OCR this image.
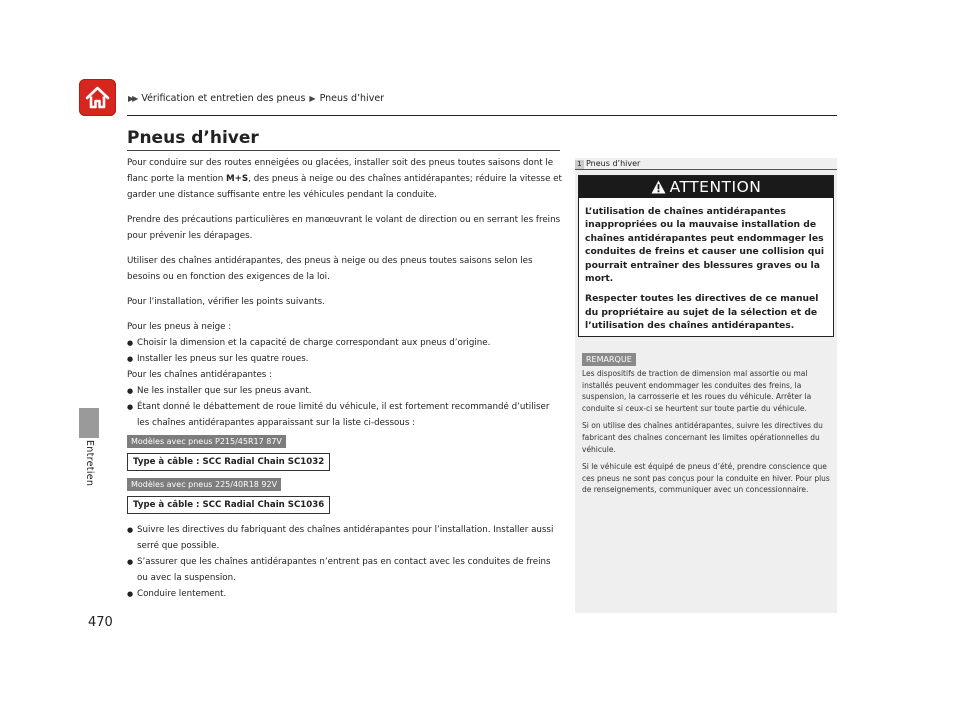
▶▶ Vérification et entretien des pneus ▶ Pneus d’hiver
Entretien
470
Pneus d’hiver

Pour conduire sur des routes enneigées ou glacées, installer soit des pneus toutes saisons dont le flanc porte la mention M+S, des pneus à neige ou des chaînes antidérapantes; réduire la vitesse et garder une distance suffisante entre les véhicules pendant la conduite.

Prendre des précautions particulières en manœuvrant le volant de direction ou en serrant les freins pour prévenir les dérapages.

Utiliser des chaînes antidérapantes, des pneus à neige ou des pneus toutes saisons selon les besoins ou en fonction des exigences de la loi.

Pour l’installation, vérifier les points suivants.

Pour les pneus à neige :
● Choisir la dimension et la capacité de charge correspondant aux pneus d’origine.
● Installer les pneus sur les quatre roues.
Pour les chaînes antidérapantes :
● Ne les installer que sur les pneus avant.
● Étant donné le débattement de roue limité du véhicule, il est fortement recommandé d’utiliser les chaînes antidérapantes apparaissant sur la liste ci-dessous :
Modèles avec pneus P215/45R17 87V
Type à câble : SCC Radial Chain SC1032
Modèles avec pneus 225/40R18 92V
Type à câble : SCC Radial Chain SC1036
● Suivre les directives du fabriquant des chaînes antidérapantes pour l’installation. Installer aussi serré que possible.
● S’assurer que les chaînes antidérapantes n’entrent pas en contact avec les conduites de freins ou avec la suspension.
● Conduire lentement.
1 Pneus d’hiver
ATTENTION

L’utilisation de chaînes antidérapantes inappropriées ou la mauvaise installation de chaînes antidérapantes peut endommager les conduites de freins et causer une collision qui pourrait entraîner des blessures graves ou la mort.

Respecter toutes les directives de ce manuel du propriétaire au sujet de la sélection et de l’utilisation des chaînes antidérapantes.

REMARQUE

Les dispositifs de traction de dimension mal assortie ou mal installés peuvent endommager les conduites des freins, la suspension, la carrosserie et les roues du véhicule. Arrêter la conduite si ceux-ci se heurtent sur toute partie du véhicule.

Si on utilise des chaînes antidérapantes, suivre les directives du fabricant des chaînes concernant les limites opérationnelles du véhicule.

Si le véhicule est équipé de pneus d’été, prendre conscience que ces pneus ne sont pas conçus pour la conduite en hiver. Pour plus de renseignements, communiquer avec un concessionnaire.
